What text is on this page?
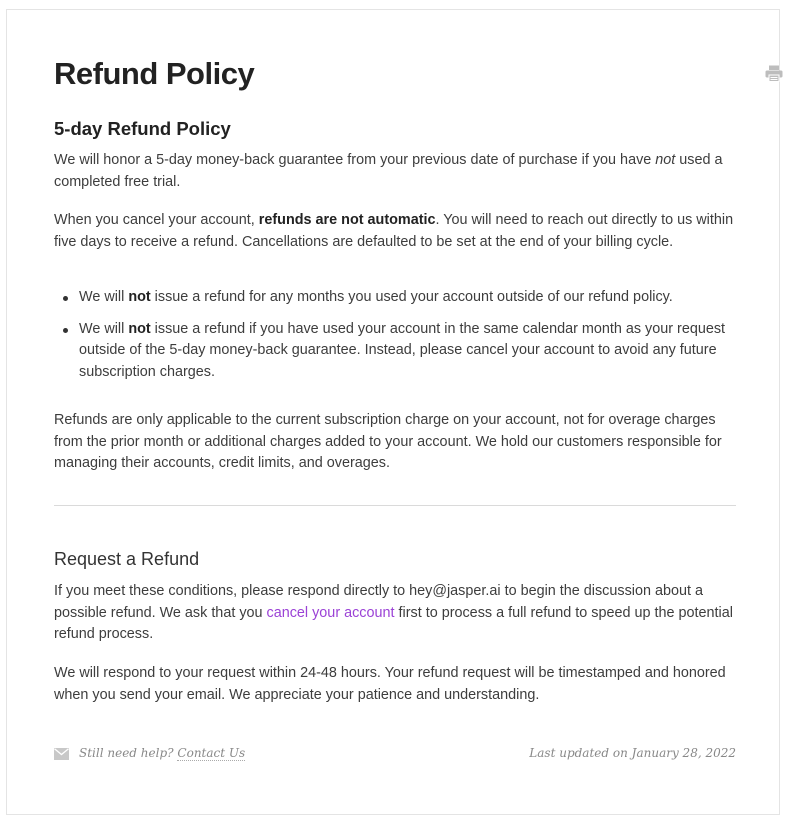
Refund Policy
5-day Refund Policy

We will honor a 5-day money-back guarantee from your previous date of purchase if you have not used a completed free trial.

When you cancel your account, refunds are not automatic. You will need to reach out directly to us within five days to receive a refund. Cancellations are defaulted to be set at the end of your billing cycle.

We will not issue a refund for any months you used your account outside of our refund policy.
We will not issue a refund if you have used your account in the same calendar month as your request outside of the 5-day money-back guarantee. Instead, please cancel your account to avoid any future subscription charges.

Refunds are only applicable to the current subscription charge on your account, not for overage charges from the prior month or additional charges added to your account. We hold our customers responsible for managing their accounts, credit limits, and overages.

Request a Refund

If you meet these conditions, please respond directly to hey@jasper.ai to begin the discussion about a possible refund. We ask that you cancel your account first to process a full refund to speed up the potential refund process.

We will respond to your request within 24-48 hours. Your refund request will be timestamped and honored when you send your email. We appreciate your patience and understanding.

Still need help? Contact Us	Last updated on January 28, 2022
